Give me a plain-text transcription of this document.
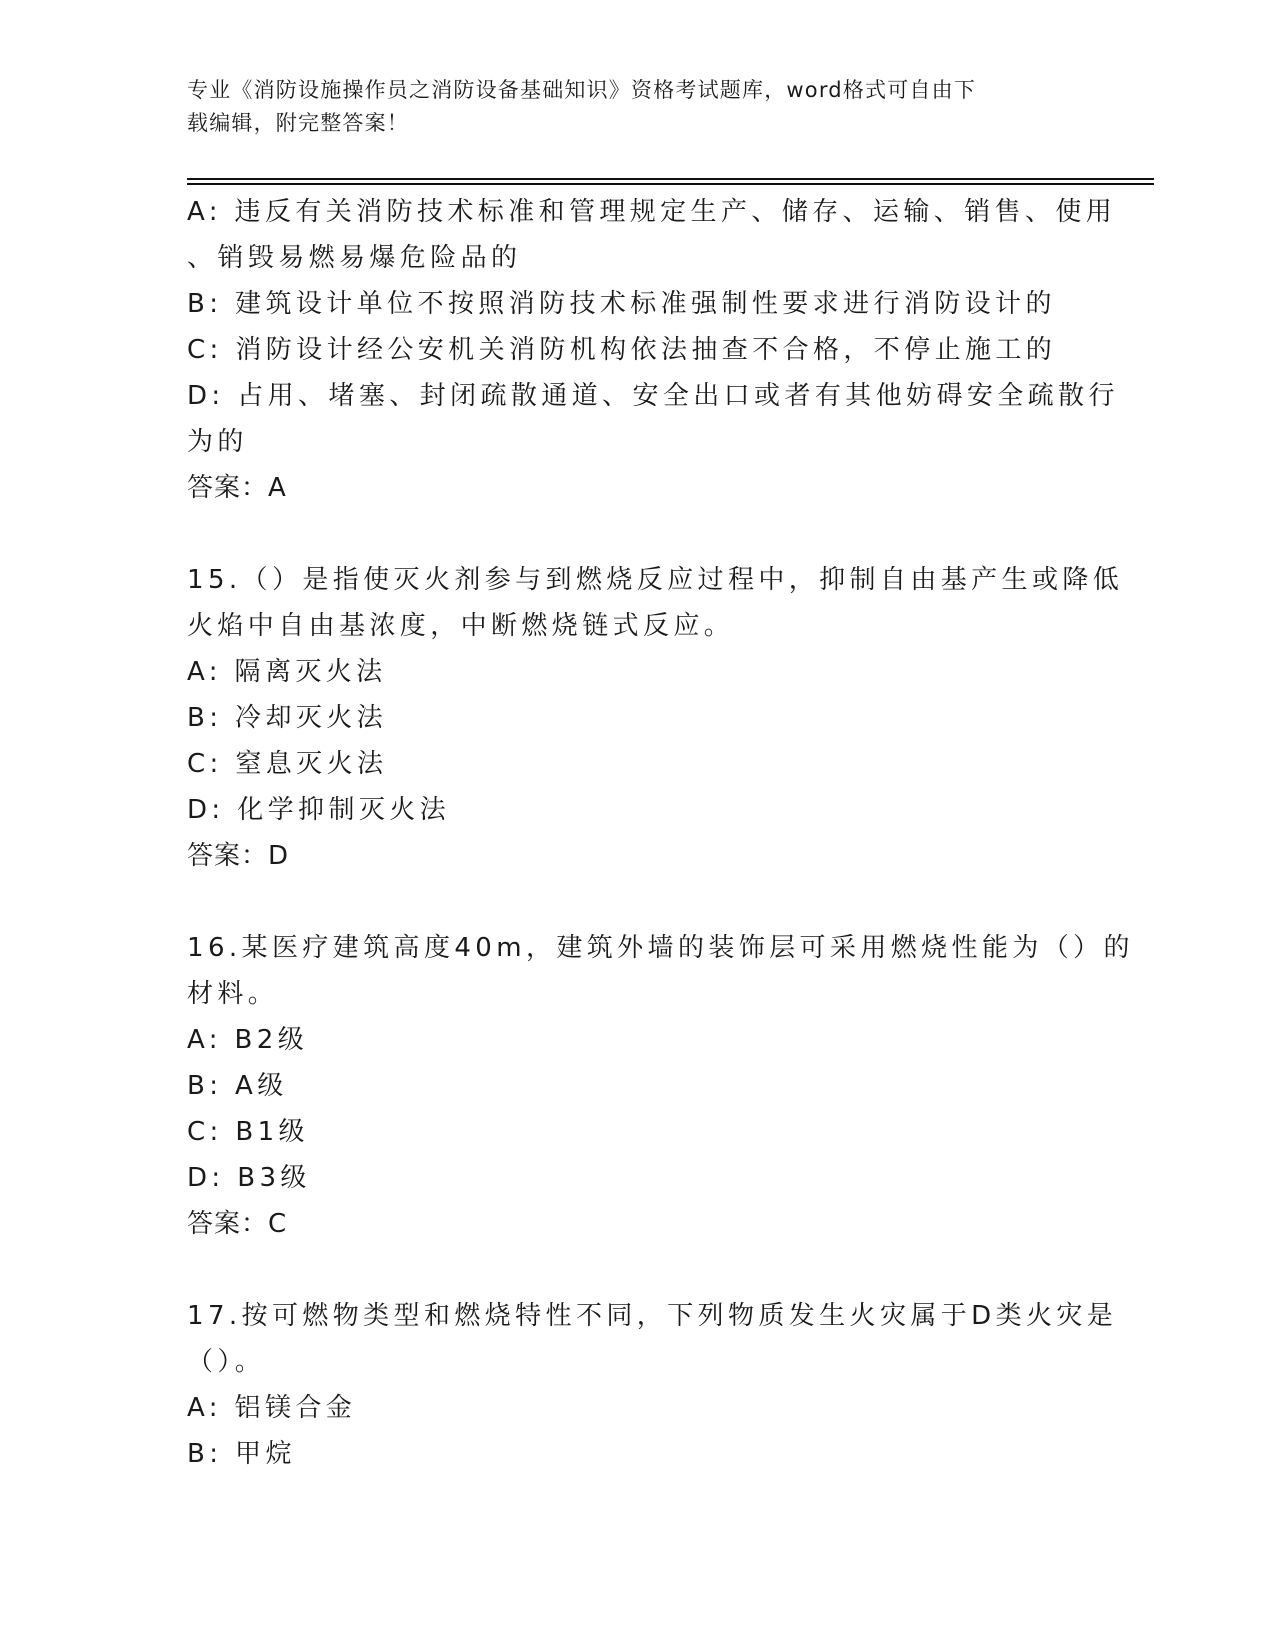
专业《消防设施操作员之消防设备基础知识》资格考试题库，word格式可自由下
载编辑，附完整答案！
A: 违反有关消防技术标准和管理规定生产、储存、运输、销售、使用
、销毁易燃易爆危险品的
B: 建筑设计单位不按照消防技术标准强制性要求进行消防设计的
C: 消防设计经公安机关消防机构依法抽查不合格，不停止施工的
D: 占用、堵塞、封闭疏散通道、安全出口或者有其他妨碍安全疏散行
为的
答案：A
15.（）是指使灭火剂参与到燃烧反应过程中，抑制自由基产生或降低
火焰中自由基浓度，中断燃烧链式反应。
A: 隔离灭火法
B: 冷却灭火法
C: 窒息灭火法
D: 化学抑制灭火法
答案：D
16.某医疗建筑高度40m，建筑外墙的装饰层可采用燃烧性能为（）的
材料。
A: B2级
B: A级
C: B1级
D: B3级
答案：C
17.按可燃物类型和燃烧特性不同，下列物质发生火灾属于D类火灾是
（）。
A: 铝镁合金
B: 甲烷
